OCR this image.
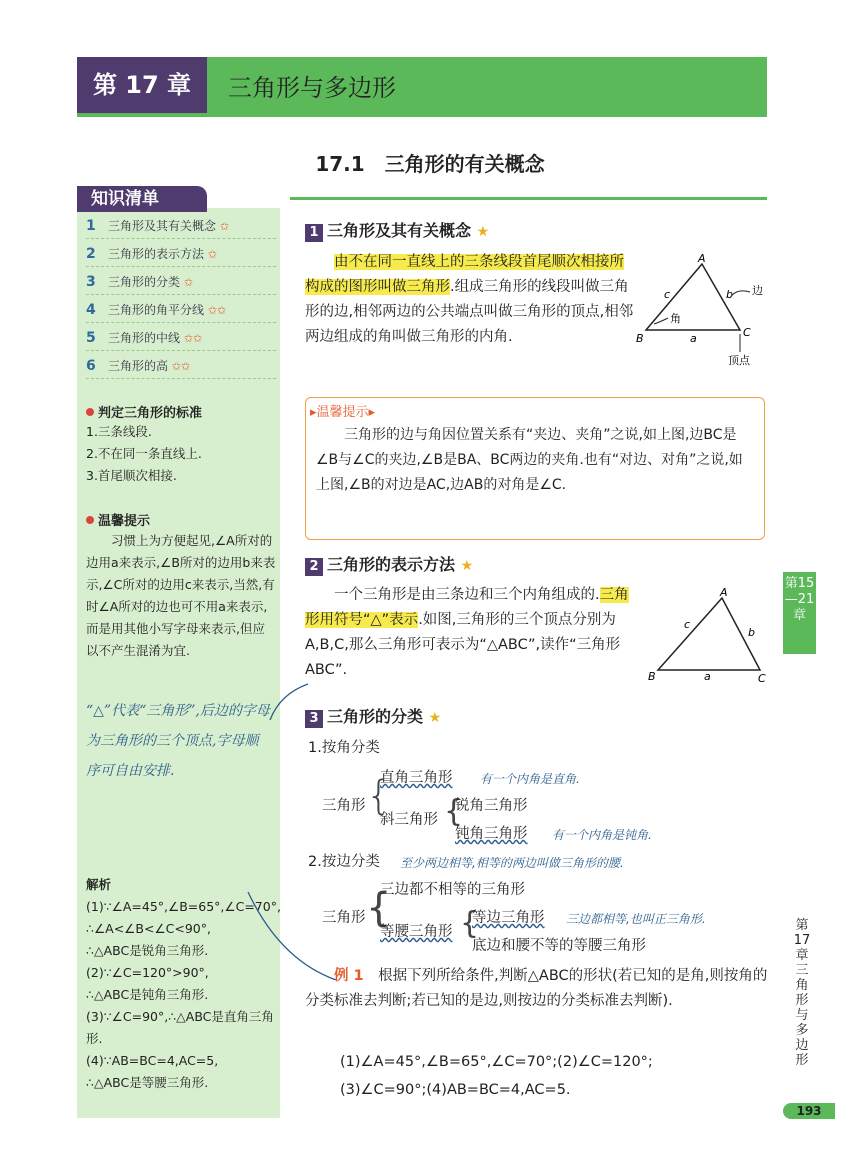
第 17 章	三角形与多边形
17.1　三角形的有关概念
知识清单
1 三角形及其有关概念 ✩
2 三角形的表示方法 ✩
3 三角形的分类 ✩
4 三角形的角平分线 ✩✩
5 三角形的中线 ✩✩
6 三角形的高 ✩✩
判定三角形的标准
1.三条线段.
2.不在同一条直线上.
3.首尾顺次相接.
温馨提示
习惯上为方便起见,∠A所对的边用a来表示,∠B所对的边用b来表示,∠C所对的边用c来表示,当然,有时∠A所对的边也可不用a来表示,而是用其他小写字母来表示,但应以不产生混淆为宜.
“△”代表“三角形”,后边的字母为三角形的三个顶点,字母顺序可自由安排.
解析 (1)∵∠A=45°,∠B=65°,∠C=70°,
∴∠A<∠B<∠C<90°,
∴△ABC是锐角三角形.
(2)∵∠C=120°>90°,
∴△ABC是钝角三角形.
(3)∵∠C=90°,∴△ABC是直角三角形.
(4)∵AB=BC=4,AC=5,
∴△ABC是等腰三角形.
1 三角形及其有关概念 ★
由不在同一直线上的三条线段首尾顺次相接所构成的图形叫做三角形.组成三角形的线段叫做三角形的边,相邻两边的公共端点叫做三角形的顶点,相邻两边组成的角叫做三角形的内角.
A
B	C
a
b
c	边
角
顶点
▸温馨提示▸
三角形的边与角因位置关系有“夹边、夹角”之说,如上图,边BC是∠B与∠C的夹边,∠B是BA、BC两边的夹角.也有“对边、对角”之说,如上图,∠B的对边是AC,边AB的对角是∠C.
2 三角形的表示方法 ★
一个三角形是由三条边和三个内角组成的.三角形用符号“△”表示.如图,三角形的三个顶点分别为A,B,C,那么三角形可表示为“△ABC”,读作“三角形ABC”.
A
B	C
a
b
c
3 三角形的分类 ★
1.按角分类
三角形 {
直角三角形 有一个内角是直角.
斜三角形 {
锐角三角形
钝角三角形 有一个内角是钝角.
2.按边分类 至少两边相等,相等的两边叫做三角形的腰.
三角形 {
三边都不相等的三角形
等腰三角形 {
等边三角形 三边都相等,也叫正三角形.
底边和腰不等的等腰三角形
例 1　 根据下列所给条件,判断△ABC的形状(若已知的是角,则按角的分类标准去判断;若已知的是边,则按边的分类标准去判断).
(1)∠A=45°,∠B=65°,∠C=70°;(2)∠C=120°;
(3)∠C=90°;(4)AB=BC=4,AC=5.
第15—21章
第17章 三角形与多边形
193
